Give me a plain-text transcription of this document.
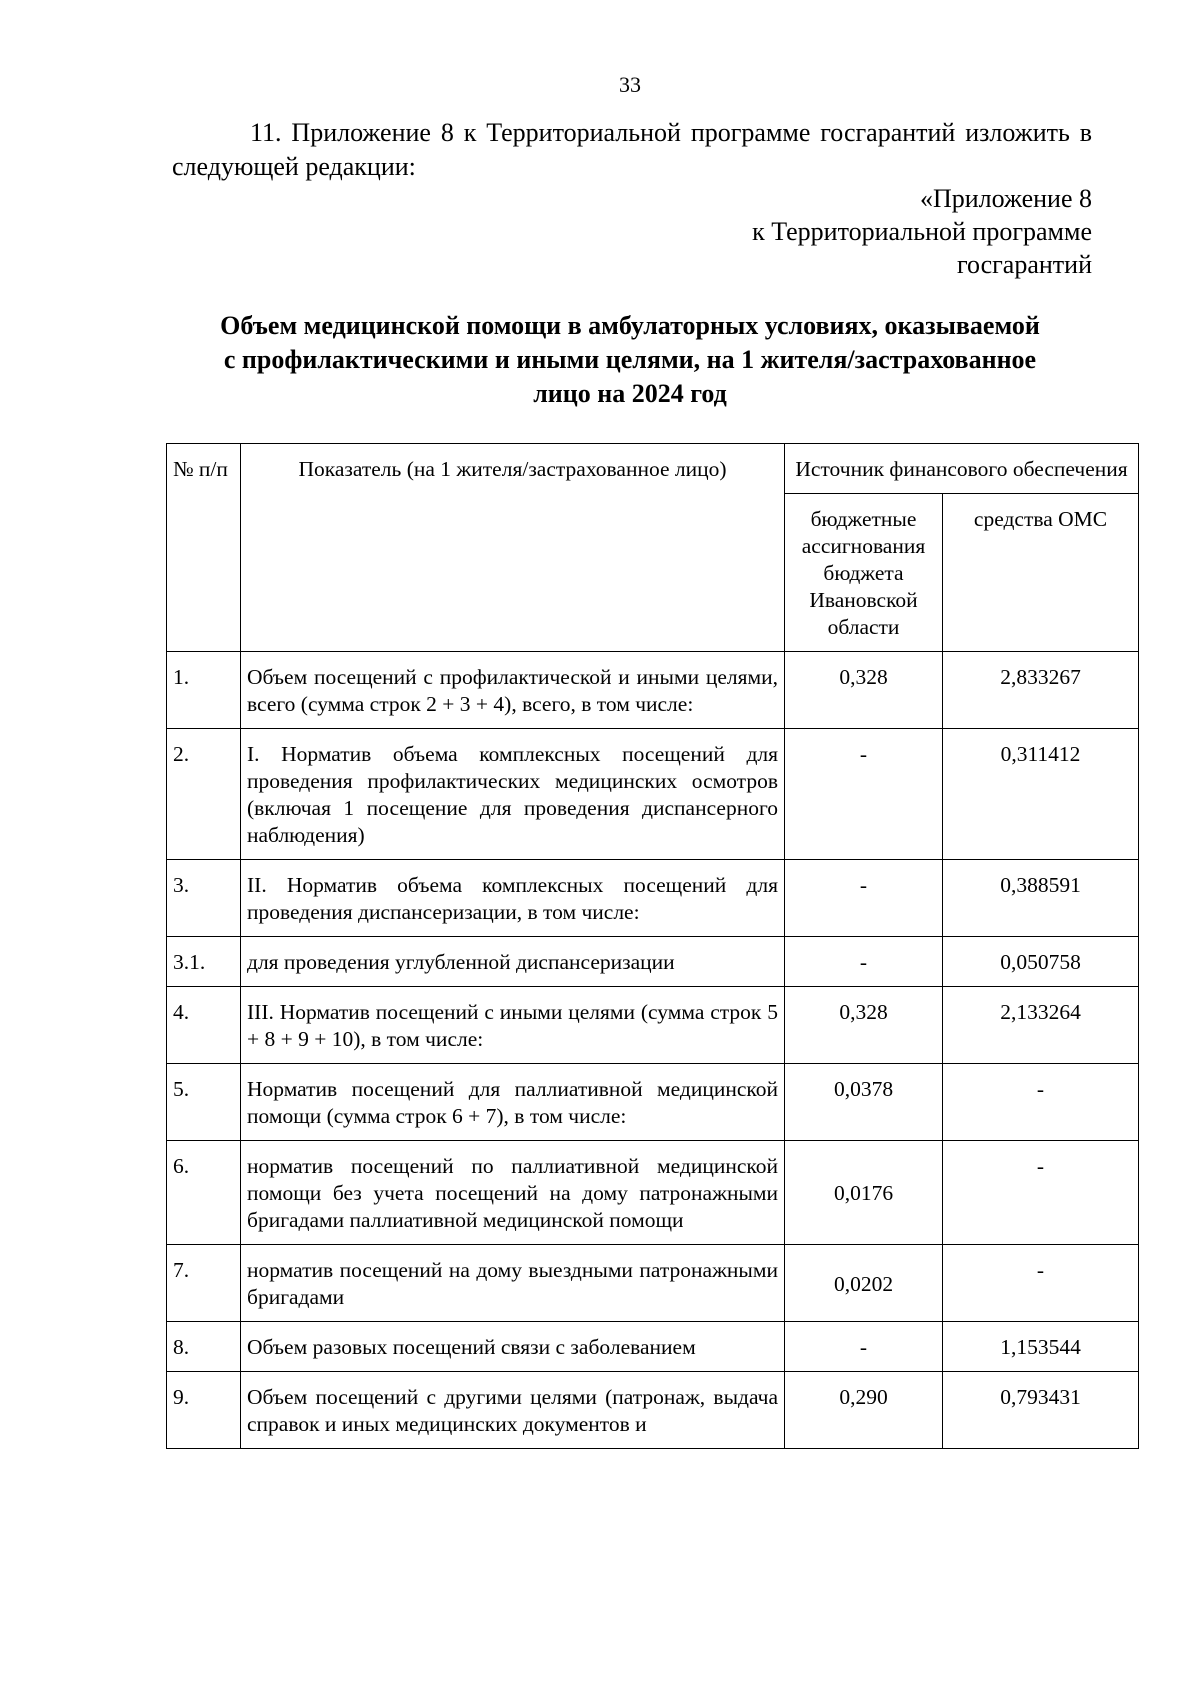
33
11. Приложение 8 к Территориальной программе госгарантий изложить в следующей редакции:
«Приложение 8
к Территориальной программе
госгарантий
Объем медицинской помощи в амбулаторных условиях, оказываемой
с профилактическими и иными целями, на 1 жителя/застрахованное
лицо на 2024 год
№ п/п	Показатель (на 1 жителя/застрахованное лицо)	Источник финансового обеспечения	
		бюджетные ассигнования бюджета Ивановской области	средства ОМС
1.	Объем посещений с профилактической и иными целями, всего (сумма строк 2 + 3 + 4), всего, в том числе:	0,328	2,833267
2.	I. Норматив объема комплексных посещений для проведения профилактических медицинских осмотров (включая 1 посещение для проведения диспансерного наблюдения)	-	0,311412
3.	II. Норматив объема комплексных посещений для проведения диспансеризации, в том числе:	-	0,388591
3.1.	для проведения углубленной диспансеризации	-	0,050758
4.	III. Норматив посещений с иными целями (сумма строк 5 + 8 + 9 + 10), в том числе:	0,328	2,133264
5.	Норматив посещений для паллиативной медицинской помощи (сумма строк 6 + 7), в том числе:	0,0378	-
6.	норматив посещений по паллиативной медицинской помощи без учета посещений на дому патронажными бригадами паллиативной медицинской помощи	0,0176	-
7.	норматив посещений на дому выездными патронажными бригадами	0,0202	-
8.	Объем разовых посещений связи с заболеванием	-	1,153544
9.	Объем посещений с другими целями (патронаж, выдача справок и иных медицинских документов и	0,290	0,793431
